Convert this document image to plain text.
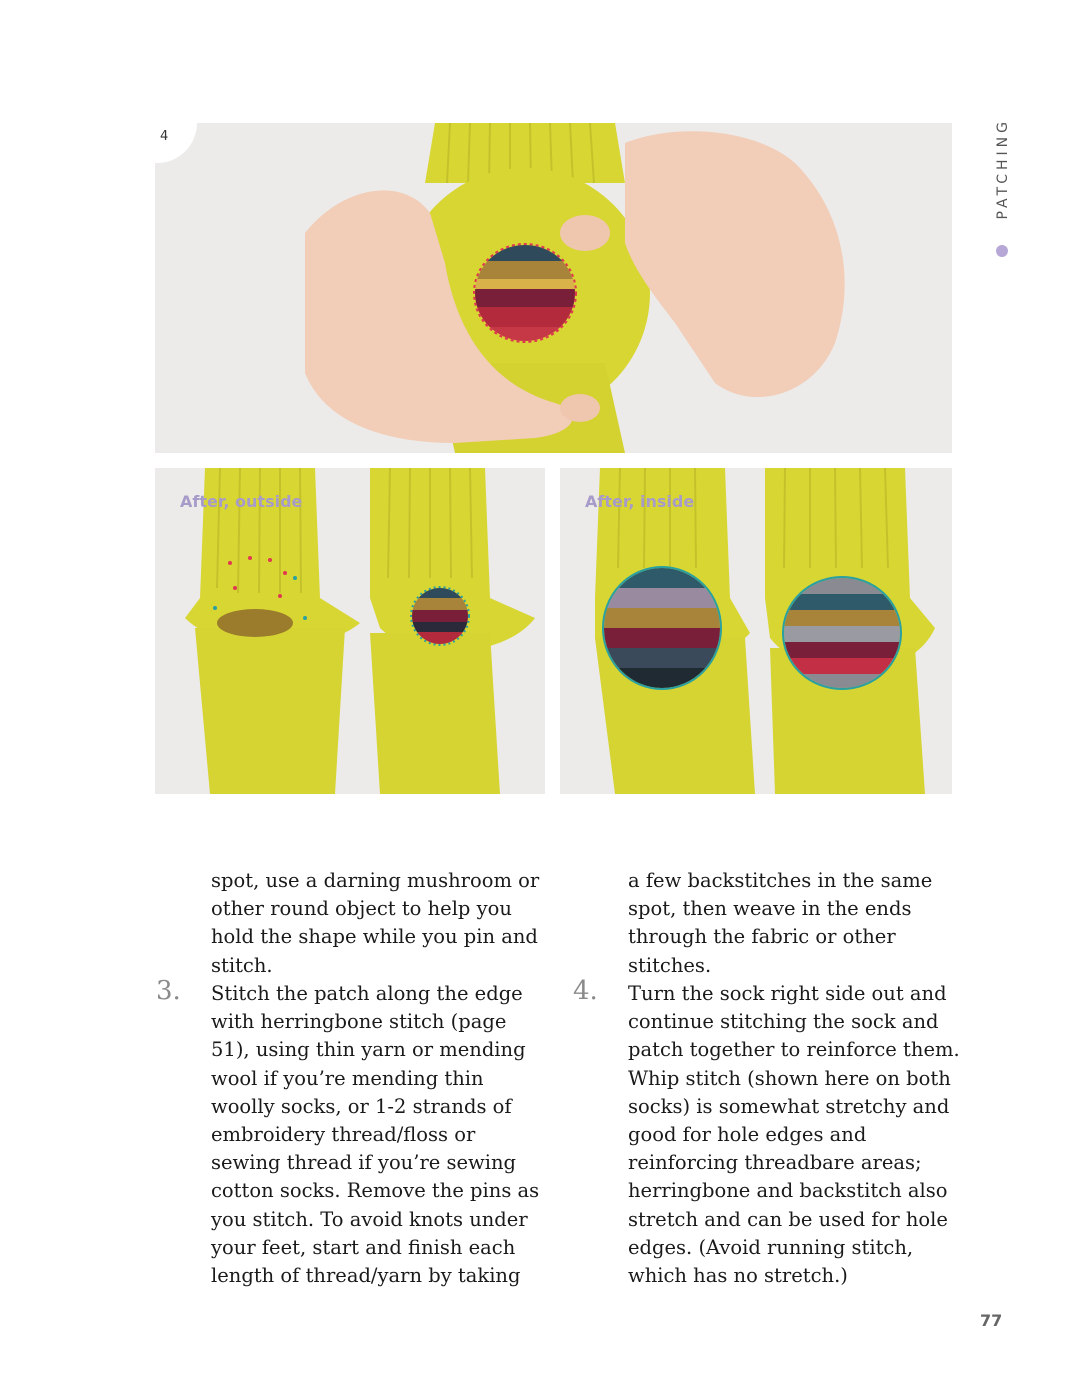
4
After, outside	After, inside
PATCHING

spot, use a darning mushroom or other round object to help you hold the shape while you pin and stitch.

a few backstitches in the same spot, then weave in the ends through the fabric or other stitches.

3. Stitch the patch along the edge with herringbone stitch (page 51), using thin yarn or mending wool if you’re mending thin woolly socks, or 1-2 strands of embroidery thread/floss or sewing thread if you’re sewing cotton socks. Remove the pins as you stitch. To avoid knots under your feet, start and finish each length of thread/yarn by taking

4. Turn the sock right side out and continue stitching the sock and patch together to reinforce them. Whip stitch (shown here on both socks) is somewhat stretchy and good for hole edges and reinforcing threadbare areas; herringbone and backstitch also stretch and can be used for hole edges. (Avoid running stitch, which has no stretch.)

77
